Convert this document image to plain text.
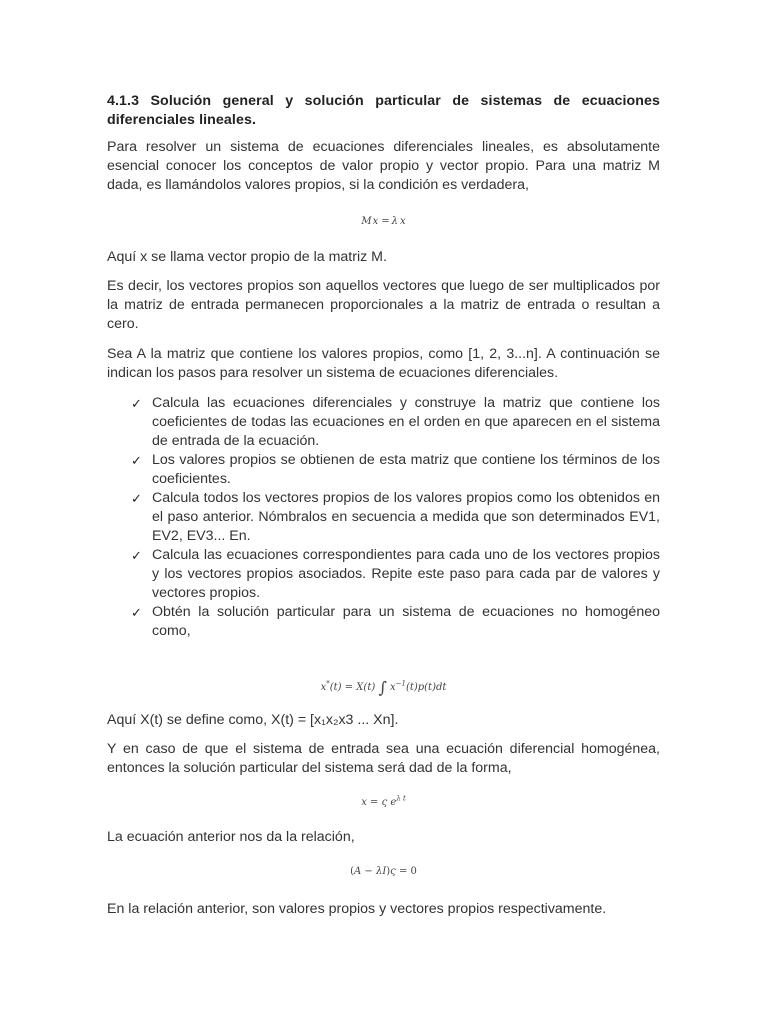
4.1.3 Solución general y solución particular de sistemas de ecuaciones diferenciales lineales.

Para resolver un sistema de ecuaciones diferenciales lineales, es absolutamente esencial conocer los conceptos de valor propio y vector propio. Para una matriz M dada, es llamándolos valores propios, si la condición es verdadera,

Mx = λ x

Aquí x se llama vector propio de la matriz M.

Es decir, los vectores propios son aquellos vectores que luego de ser multiplicados por la matriz de entrada permanecen proporcionales a la matriz de entrada o resultan a cero.

Sea A la matriz que contiene los valores propios, como [1, 2, 3...n]. A continuación se indican los pasos para resolver un sistema de ecuaciones diferenciales.

✓ Calcula las ecuaciones diferenciales y construye la matriz que contiene los coeficientes de todas las ecuaciones en el orden en que aparecen en el sistema de entrada de la ecuación.
✓ Los valores propios se obtienen de esta matriz que contiene los términos de los coeficientes.
✓ Calcula todos los vectores propios de los valores propios como los obtenidos en el paso anterior. Nómbralos en secuencia a medida que son determinados EV1, EV2, EV3... En.
✓ Calcula las ecuaciones correspondientes para cada uno de los vectores propios y los vectores propios asociados. Repite este paso para cada par de valores y vectores propios.
✓ Obtén la solución particular para un sistema de ecuaciones no homogéneo como,
x*(t) = X(t) ∫ $x^{-1}(t)p(t)dt$

Aquí X(t) se define como, X(t) = [x₁x₂x3 ... Xn].

Y en caso de que el sistema de entrada sea una ecuación diferencial homogénea, entonces la solución particular del sistema será dad de la forma,

x = ς $e^{\lambda t}$

La ecuación anterior nos da la relación,

(A − λI)ς = 0

En la relación anterior, son valores propios y vectores propios respectivamente.
